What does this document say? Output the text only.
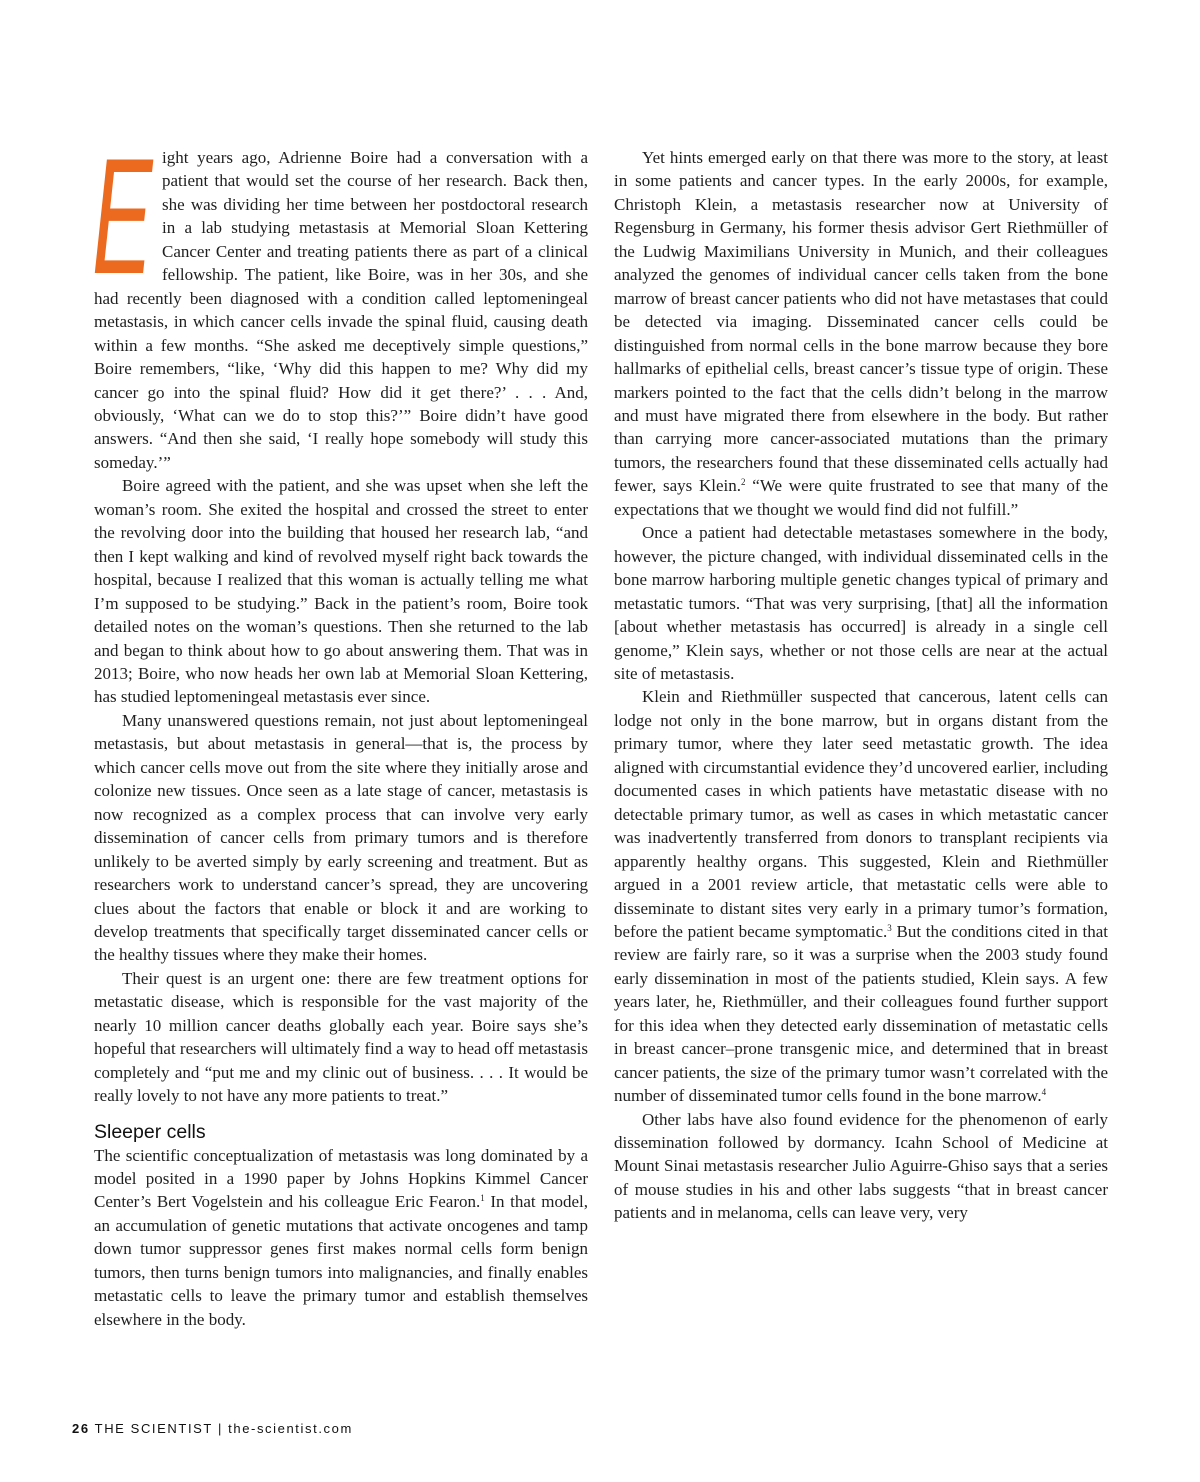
Eight years ago, Adrienne Boire had a conversation with a patient that would set the course of her research. Back then, she was dividing her time between her postdoctoral research in a lab studying metastasis at Memorial Sloan Kettering Cancer Center and treating patients there as part of a clinical fellowship. The patient, like Boire, was in her 30s, and she had recently been diagnosed with a condition called leptomeningeal metastasis, in which cancer cells invade the spinal fluid, causing death within a few months. “She asked me deceptively simple questions,” Boire remembers, “like, ‘Why did this happen to me? Why did my cancer go into the spinal fluid? How did it get there?’ . . . And, obviously, ‘What can we do to stop this?’” Boire didn’t have good answers. “And then she said, ‘I really hope somebody will study this someday.’”

Boire agreed with the patient, and she was upset when she left the woman’s room. She exited the hospital and crossed the street to enter the revolving door into the building that housed her research lab, “and then I kept walking and kind of revolved myself right back towards the hospital, because I realized that this woman is actually telling me what I’m supposed to be studying.” Back in the patient’s room, Boire took detailed notes on the woman’s questions. Then she returned to the lab and began to think about how to go about answering them. That was in 2013; Boire, who now heads her own lab at Memorial Sloan Kettering, has studied leptomeningeal metastasis ever since.

Many unanswered questions remain, not just about leptomeningeal metastasis, but about metastasis in general—that is, the process by which cancer cells move out from the site where they initially arose and colonize new tissues. Once seen as a late stage of cancer, metastasis is now recognized as a complex process that can involve very early dissemination of cancer cells from primary tumors and is therefore unlikely to be averted simply by early screening and treatment. But as researchers work to understand cancer’s spread, they are uncovering clues about the factors that enable or block it and are working to develop treatments that specifically target disseminated cancer cells or the healthy tissues where they make their homes.

Their quest is an urgent one: there are few treatment options for metastatic disease, which is responsible for the vast majority of the nearly 10 million cancer deaths globally each year. Boire says she’s hopeful that researchers will ultimately find a way to head off metastasis completely and “put me and my clinic out of business. . . . It would be really lovely to not have any more patients to treat.”

Sleeper cells

The scientific conceptualization of metastasis was long dominated by a model posited in a 1990 paper by Johns Hopkins Kimmel Cancer Center’s Bert Vogelstein and his colleague Eric Fearon.$^1$ In that model, an accumulation of genetic mutations that activate oncogenes and tamp down tumor suppressor genes first makes normal cells form benign tumors, then turns benign tumors into malignancies, and finally enables metastatic cells to leave the primary tumor and establish themselves elsewhere in the body.

Yet hints emerged early on that there was more to the story, at least in some patients and cancer types. In the early 2000s, for example, Christoph Klein, a metastasis researcher now at University of Regensburg in Germany, his former thesis advisor Gert Riethmüller of the Ludwig Maximilians University in Munich, and their colleagues analyzed the genomes of individual cancer cells taken from the bone marrow of breast cancer patients who did not have metastases that could be detected via imaging. Disseminated cancer cells could be distinguished from normal cells in the bone marrow because they bore hallmarks of epithelial cells, breast cancer’s tissue type of origin. These markers pointed to the fact that the cells didn’t belong in the marrow and must have migrated there from elsewhere in the body. But rather than carrying more cancer-associated mutations than the primary tumors, the researchers found that these disseminated cells actually had fewer, says Klein.$^2$ “We were quite frustrated to see that many of the expectations that we thought we would find did not fulfill.”

Once a patient had detectable metastases somewhere in the body, however, the picture changed, with individual disseminated cells in the bone marrow harboring multiple genetic changes typical of primary and metastatic tumors. “That was very surprising, [that] all the information [about whether metastasis has occurred] is already in a single cell genome,” Klein says, whether or not those cells are near at the actual site of metastasis.

Klein and Riethmüller suspected that cancerous, latent cells can lodge not only in the bone marrow, but in organs distant from the primary tumor, where they later seed metastatic growth. The idea aligned with circumstantial evidence they’d uncovered earlier, including documented cases in which patients have metastatic disease with no detectable primary tumor, as well as cases in which metastatic cancer was inadvertently transferred from donors to transplant recipients via apparently healthy organs. This suggested, Klein and Riethmüller argued in a 2001 review article, that metastatic cells were able to disseminate to distant sites very early in a primary tumor’s formation, before the patient became symptomatic.$^3$ But the conditions cited in that review are fairly rare, so it was a surprise when the 2003 study found early dissemination in most of the patients studied, Klein says. A few years later, he, Riethmüller, and their colleagues found further support for this idea when they detected early dissemination of metastatic cells in breast cancer–prone transgenic mice, and determined that in breast cancer patients, the size of the primary tumor wasn’t correlated with the number of disseminated tumor cells found in the bone marrow.$^4$

Other labs have also found evidence for the phenomenon of early dissemination followed by dormancy. Icahn School of Medicine at Mount Sinai metastasis researcher Julio Aguirre-Ghiso says that a series of mouse studies in his and other labs suggests “that in breast cancer patients and in melanoma, cells can leave very, very

26 THE SCIENTIST | the-scientist.com
